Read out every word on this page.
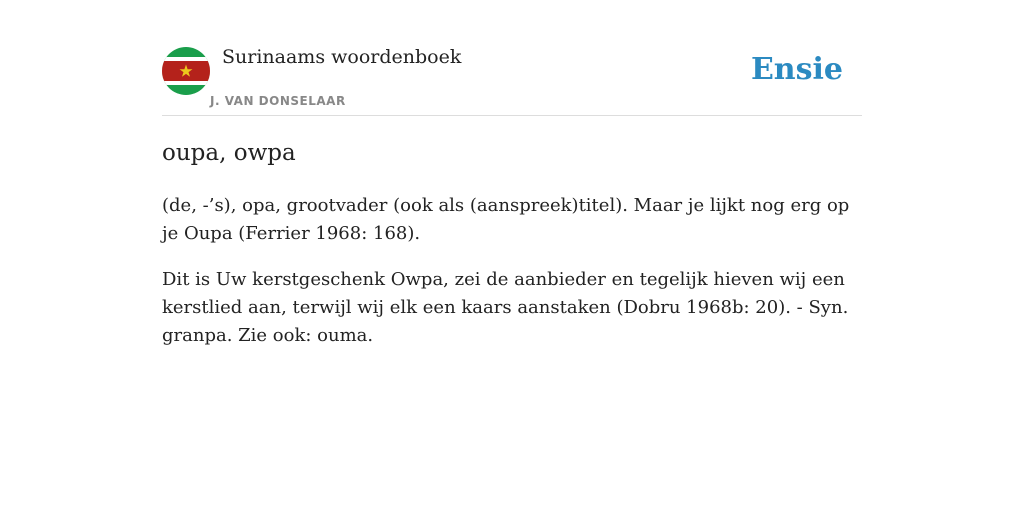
Surinaams woordenboek
J. VAN DONSELAAR
Ensie
oupa, owpa

(de, -’s), opa, grootvader (ook als (aanspreek)titel). Maar je lijkt nog erg op je Oupa (Ferrier 1968: 168).

Dit is Uw kerstgeschenk Owpa, zei de aanbieder en tegelijk hieven wij een kerstlied aan, terwijl wij elk een kaars aanstaken (Dobru 1968b: 20). - Syn. granpa. Zie ook: ouma.
